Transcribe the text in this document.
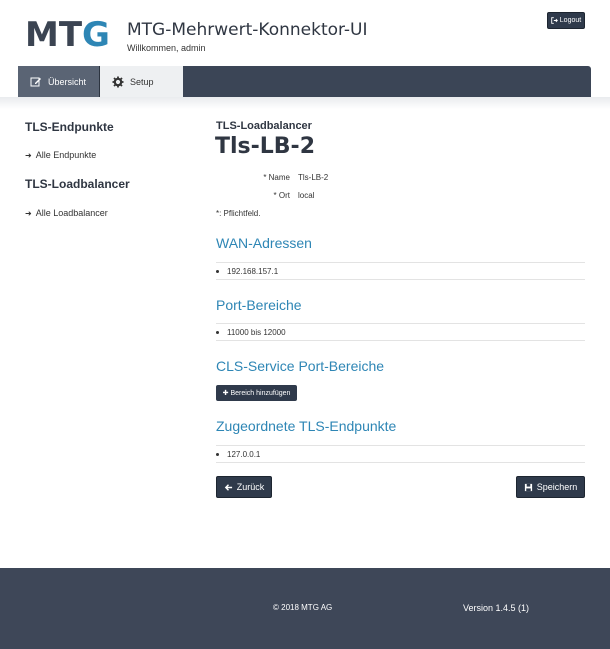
MTG MTG-Mehrwert-Konnektor-UI
Willkommen, admin
Logout
Übersicht	Setup
TLS-Endpunkte
➜ Alle Endpunkte
TLS-Loadbalancer
➜ Alle Loadbalancer
TLS-Loadbalancer
Tls-LB-2
* Name Tls-LB-2
* Ort local
*: Pflichtfeld.
WAN-Adressen
192.168.157.1
Port-Bereiche
11000 bis 12000
CLS-Service Port-Bereiche
✚ Bereich hinzufügen
Zugeordnete TLS-Endpunkte
127.0.0.1
Zurück	Speichern
© 2018 MTG AG	Version 1.4.5 (1)
